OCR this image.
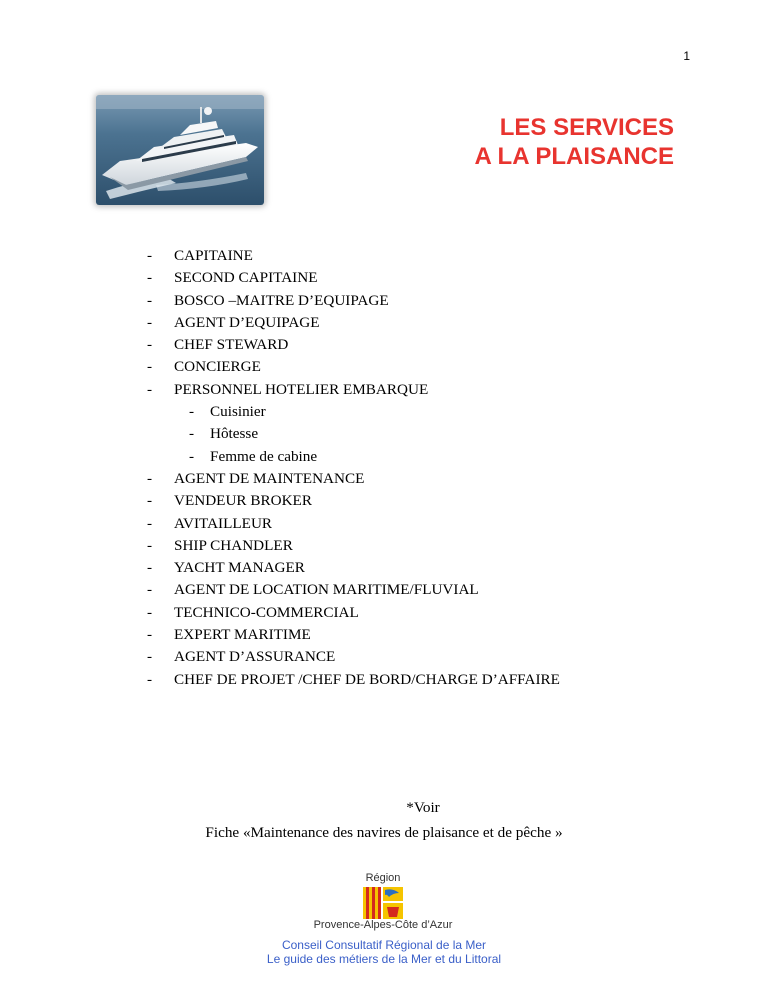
1
LES SERVICES
A LA PLAISANCE
- CAPITAINE
- SECOND CAPITAINE
- BOSCO –MAITRE D’EQUIPAGE
- AGENT D’EQUIPAGE
- CHEF STEWARD
- CONCIERGE
- PERSONNEL HOTELIER EMBARQUE
- Cuisinier
- Hôtesse
- Femme de cabine
- AGENT DE MAINTENANCE
- VENDEUR BROKER
- AVITAILLEUR
- SHIP CHANDLER
- YACHT MANAGER
- AGENT DE LOCATION MARITIME/FLUVIAL
- TECHNICO-COMMERCIAL
- EXPERT MARITIME
- AGENT D’ASSURANCE
- CHEF DE PROJET /CHEF DE BORD/CHARGE D’AFFAIRE
*Voir
Fiche «Maintenance des navires de plaisance et de pêche »
Région
Provence-Alpes-Côte d’Azur
Conseil Consultatif Régional de la Mer
Le guide des métiers de la Mer et du Littoral
